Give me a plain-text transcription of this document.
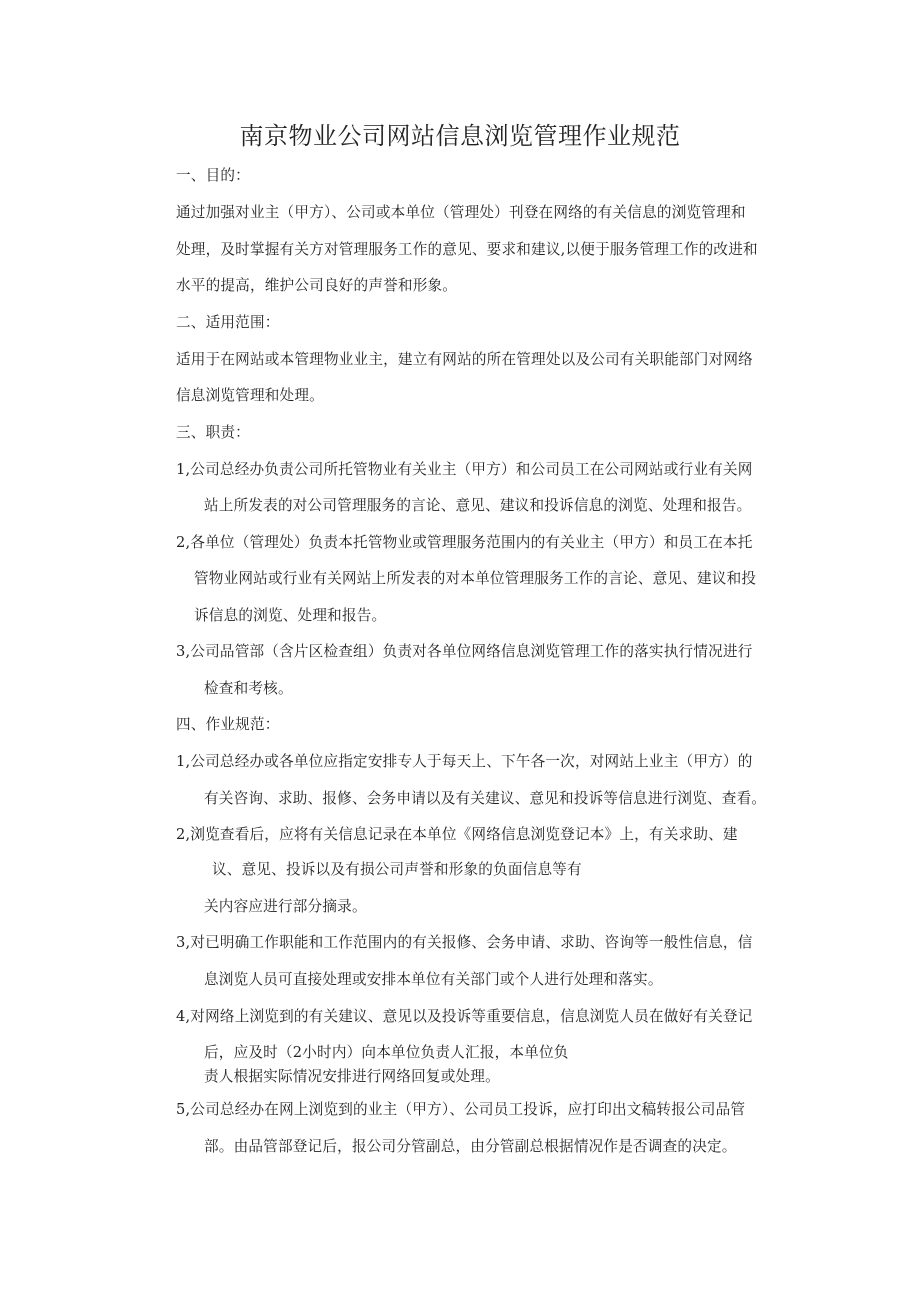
南京物业公司网站信息浏览管理作业规范
一、目的：
通过加强对业主（甲方）、公司或本单位（管理处）刊登在网络的有关信息的浏览管理和
处理，及时掌握有关方对管理服务工作的意见、要求和建议,以便于服务管理工作的改进和
水平的提高，维护公司良好的声誉和形象。
二、适用范围：
适用于在网站或本管理物业业主，建立有网站的所在管理处以及公司有关职能部门对网络
信息浏览管理和处理。
三、职责：
1,公司总经办负责公司所托管物业有关业主（甲方）和公司员工在公司网站或行业有关网
站上所发表的对公司管理服务的言论、意见、建议和投诉信息的浏览、处理和报告。
2,各单位（管理处）负责本托管物业或管理服务范围内的有关业主（甲方）和员工在本托
管物业网站或行业有关网站上所发表的对本单位管理服务工作的言论、意见、建议和投
诉信息的浏览、处理和报告。
3,公司品管部（含片区检查组）负责对各单位网络信息浏览管理工作的落实执行情况进行
检查和考核。
四、作业规范：
1,公司总经办或各单位应指定安排专人于每天上、下午各一次，对网站上业主（甲方）的
有关咨询、求助、报修、会务申请以及有关建议、意见和投诉等信息进行浏览、查看。
2,浏览查看后，应将有关信息记录在本单位《网络信息浏览登记本》上，有关求助、建
议、意见、投诉以及有损公司声誉和形象的负面信息等有
关内容应进行部分摘录。
3,对已明确工作职能和工作范围内的有关报修、会务申请、求助、咨询等一般性信息，信
息浏览人员可直接处理或安排本单位有关部门或个人进行处理和落实。
4,对网络上浏览到的有关建议、意见以及投诉等重要信息，信息浏览人员在做好有关登记
后，应及时（2小时内）向本单位负责人汇报，本单位负
责人根据实际情况安排进行网络回复或处理。
5,公司总经办在网上浏览到的业主（甲方）、公司员工投诉，应打印出文稿转报公司品管
部。由品管部登记后，报公司分管副总，由分管副总根据情况作是否调查的决定。
